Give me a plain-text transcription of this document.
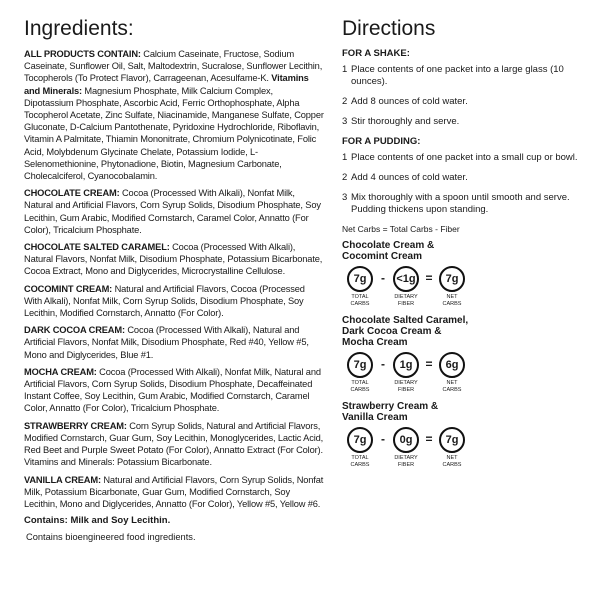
Ingredients:
ALL PRODUCTS CONTAIN: Calcium Caseinate, Fructose, Sodium Caseinate, Sunflower Oil, Salt, Maltodextrin, Sucralose, Sunflower Lecithin, Tocopherols (To Protect Flavor), Carrageenan, Acesulfame-K. Vitamins and Minerals: Magnesium Phosphate, Milk Calcium Complex, Dipotassium Phosphate, Ascorbic Acid, Ferric Orthophosphate, Alpha Tocopherol Acetate, Zinc Sulfate, Niacinamide, Manganese Sulfate, Copper Gluconate, D-Calcium Pantothenate, Pyridoxine Hydrochloride, Riboflavin, Vitamin A Palmitate, Thiamin Mononitrate, Chromium Polynicotinate, Folic Acid, Molybdenum Glycinate Chelate, Potassium Iodide, L-Selenomethionine, Phytonadione, Biotin, Magnesium Carbonate, Cholecalciferol, Cyanocobalamin.
CHOCOLATE CREAM: Cocoa (Processed With Alkali), Nonfat Milk, Natural and Artificial Flavors, Corn Syrup Solids, Disodium Phosphate, Soy Lecithin, Gum Arabic, Modified Cornstarch, Caramel Color, Annatto (For Color), Tricalcium Phosphate.
CHOCOLATE SALTED CARAMEL: Cocoa (Processed With Alkali), Natural Flavors, Nonfat Milk, Disodium Phosphate, Potassium Bicarbonate, Cocoa Extract, Mono and Diglycerides, Microcrystalline Cellulose.
COCOMINT CREAM: Natural and Artificial Flavors, Cocoa (Processed With Alkali), Nonfat Milk, Corn Syrup Solids, Disodium Phosphate, Soy Lecithin, Modified Cornstarch, Annatto (For Color).
DARK COCOA CREAM: Cocoa (Processed With Alkali), Natural and Artificial Flavors, Nonfat Milk, Disodium Phosphate, Red #40, Yellow #5, Mono and Diglycerides, Blue #1.
MOCHA CREAM: Cocoa (Processed With Alkali), Nonfat Milk, Natural and Artificial Flavors, Corn Syrup Solids, Disodium Phosphate, Decaffeinated Instant Coffee, Soy Lecithin, Gum Arabic, Modified Cornstarch, Caramel Color, Annatto (For Color), Tricalcium Phosphate.
STRAWBERRY CREAM: Corn Syrup Solids, Natural and Artificial Flavors, Modified Cornstarch, Guar Gum, Soy Lecithin, Monoglycerides, Lactic Acid, Red Beet and Purple Sweet Potato (For Color), Annatto Extract (For Color). Vitamins and Minerals: Potassium Bicarbonate.
VANILLA CREAM: Natural and Artificial Flavors, Corn Syrup Solids, Nonfat Milk, Potassium Bicarbonate, Guar Gum, Modified Cornstarch, Soy Lecithin, Mono and Diglycerides, Annatto (For Color), Yellow #5, Yellow #6.

Contains: Milk and Soy Lecithin.

Contains bioengineered food ingredients.

Directions
FOR A SHAKE:
1 Place contents of one packet into a large glass (10 ounces).
2 Add 8 ounces of cold water.
3 Stir thoroughly and serve.
FOR A PUDDING:
1 Place contents of one packet into a small cup or bowl.
2 Add 4 ounces of cold water.
3 Mix thoroughly with a spoon until smooth and serve. Pudding thickens upon standing.
Net Carbs = Total Carbs - Fiber
Chocolate Cream &
Cocomint Cream
7g
TOTAL
CARBS
-	<1g
DIETARY
FIBER
=	7g
NET
CARBS
Chocolate Salted Caramel,
Dark Cocoa Cream &
Mocha Cream
7g
TOTAL
CARBS
-	1g
DIETARY
FIBER
=	6g
NET
CARBS
Strawberry Cream &
Vanilla Cream
7g
TOTAL
CARBS
-	0g
DIETARY
FIBER
=	7g
NET
CARBS
